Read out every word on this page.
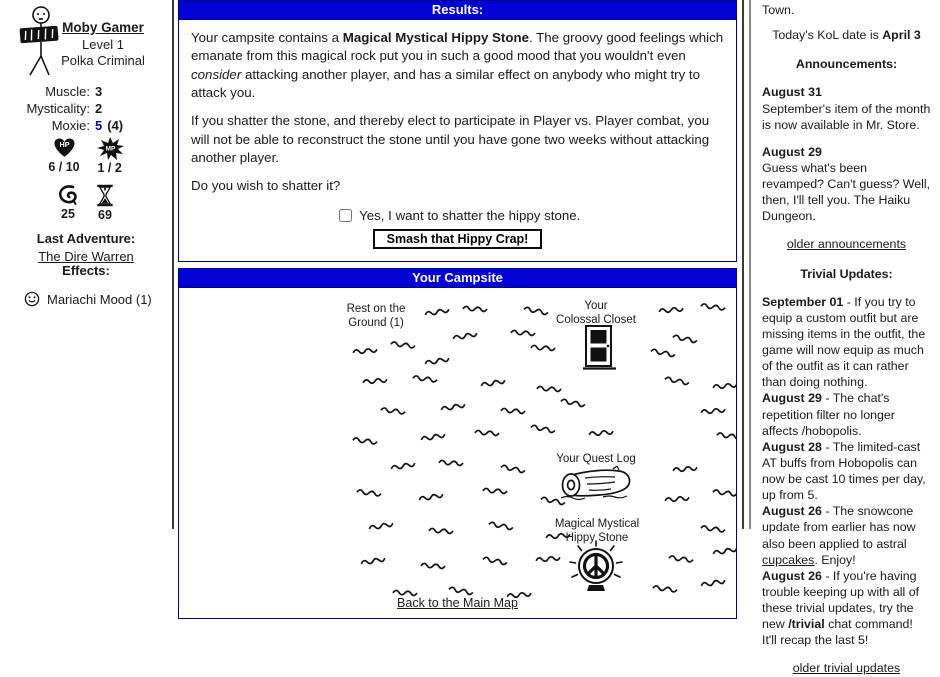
Moby Gamer
Level 1
Polka Criminal
Muscle: 3
Mysticality: 2
Moxie: 5 (4)
HP
6 / 10
MP
1 / 2
25 69
Last Adventure:
The Dire Warren
Effects:
Mariachi Mood (1)
Results:

Your campsite contains a Magical Mystical Hippy Stone. The groovy good feelings which emanate from this magical rock put you in such a good mood that you wouldn't even consider attacking another player, and has a similar effect on anybody who might try to attack you.

If you shatter the stone, and thereby elect to participate in Player vs. Player combat, you will not be able to reconstruct the stone until you have gone two weeks without attacking another player.

Do you wish to shatter it?

Yes, I want to shatter the hippy stone.
Smash that Hippy Crap!
Your Campsite
Rest on the
Ground (1)
Your
Colossal Closet
Your Quest Log
Magical Mystical
Hippy Stone
Back to the Main Map
Town.
Today's KoL date is April 3
Announcements:
August 31
September's item of the month is now available in Mr. Store.
August 29
Guess what's been revamped? Can't guess? Well, then, I'll tell you. The Haiku Dungeon.
older announcements
Trivial Updates:
September 01 - If you try to equip a custom outfit but are missing items in the outfit, the game will now equip as much of the outfit as it can rather than doing nothing.
August 29 - The chat's repetition filter no longer affects /hobopolis.
August 28 - The limited-cast AT buffs from Hobopolis can now be cast 10 times per day, up from 5.
August 26 - The snowcone update from earlier has now also been applied to astral cupcakes. Enjoy!
August 26 - If you're having trouble keeping up with all of these trivial updates, try the new /trivial chat command! It'll recap the last 5!
older trivial updates
